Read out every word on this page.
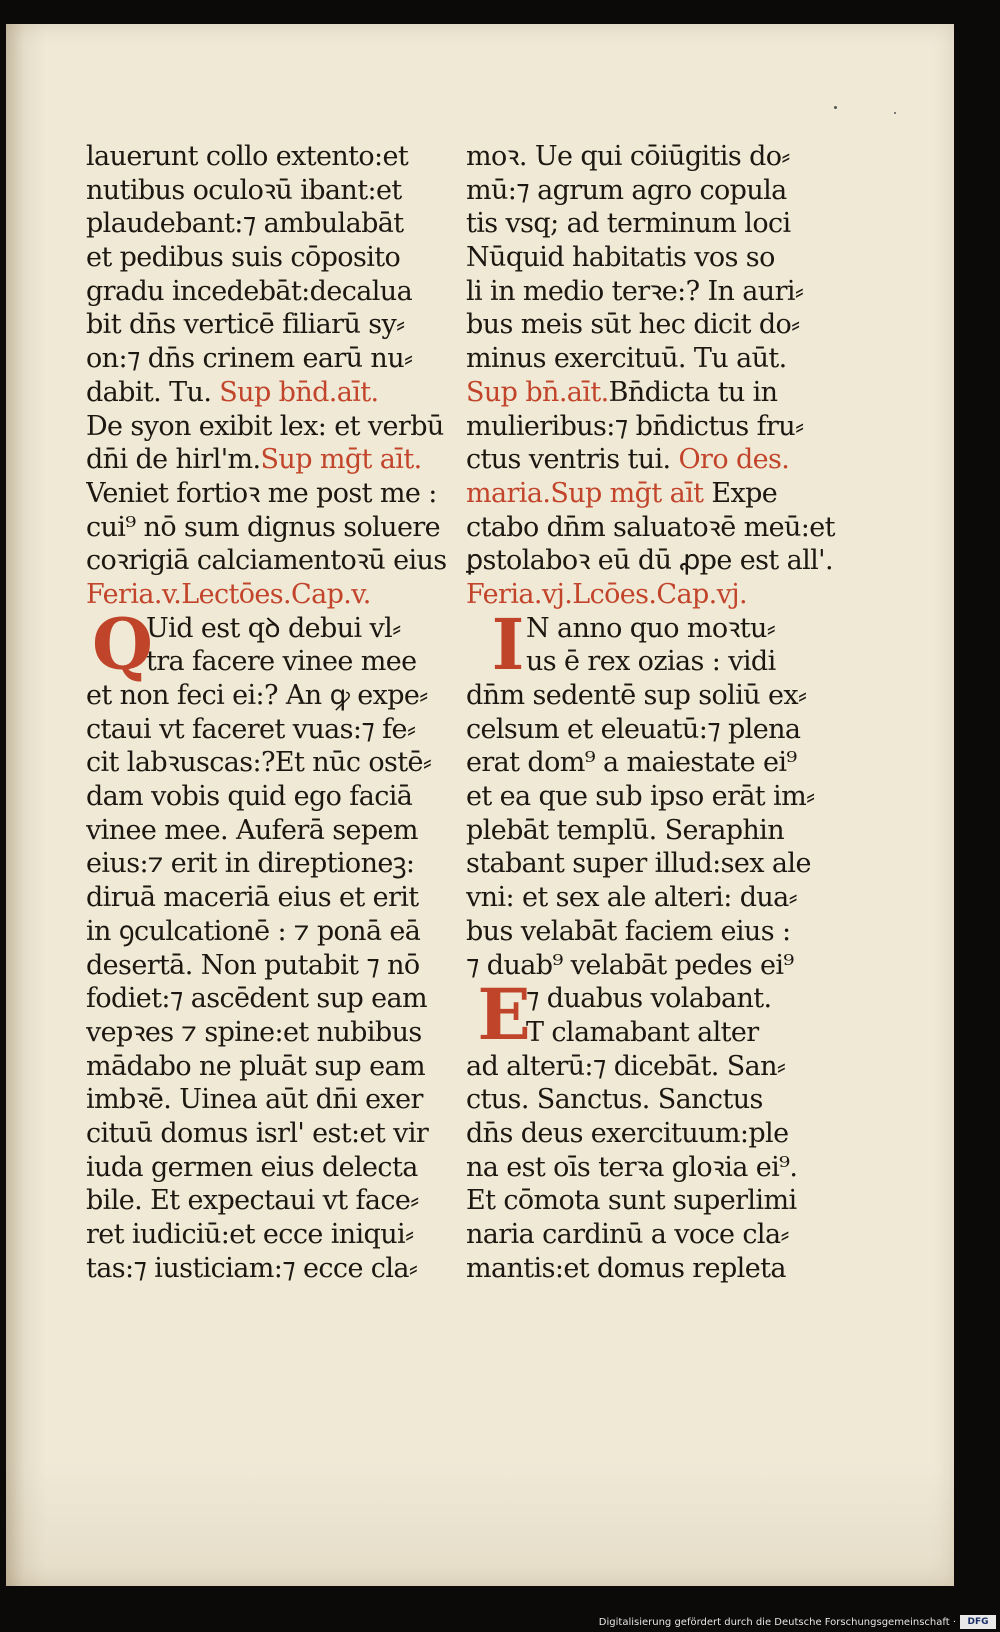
lauerunt collo extento:et
nutibus oculoꝛū ibant:et
plaudebant:⁊ ambulabāt
et pedibus suis cōposito
gradu incedebāt:decalua
bit dn̄s verticē filiarū sy⸗
on:⁊ dn̄s crinem earū nu⸗
dabit. Tu. Sup bn̄d.aīt.
De syon exibit lex: et verbū
dn̄i de hirl'm.Sup mḡt aīt.
Veniet fortioꝛ me post me :
cui⁹ nō sum dignus soluere
coꝛrigiā calciamentoꝛū eius
Feria.v.Lectōes.Cap.v.
Q
Uid est qꝺ debui vl⸗
tra facere vinee mee
et non feci ei:? An ꝙ expe⸗
ctaui vt faceret vuas:⁊ fe⸗
cit labꝛuscas:?Et nūc ostē⸗
dam vobis quid ego faciā
vinee mee. Auferā sepem
eius:⁊ erit in direptioneꝫ:
diruā maceriā eius et erit
in ꝯculcationē : ⁊ ponā eā
desertā. Non putabit ⁊ nō
fodiet:⁊ ascēdent sup eam
vepꝛes ⁊ spine:et nubibus
mādabo ne pluāt sup eam
imbꝛē. Uinea aūt dn̄i exer
cituū domus isrl' est:et vir
iuda germen eius delecta
bile. Et expectaui vt face⸗
ret iudiciū:et ecce iniqui⸗
tas:⁊ iusticiam:⁊ ecce cla⸗
moꝛ. Ue qui cōiūgitis do⸗
mū:⁊ agrum agro copula
tis vsq; ad terminum loci
Nūquid habitatis vos so
li in medio terꝛe:? In auri⸗
bus meis sūt hec dicit do⸗
minus exercituū. Tu aūt.
Sup bn̄.aīt.Bn̄dicta tu in
mulieribus:⁊ bn̄dictus fru⸗
ctus ventris tui. Oro des.
maria.Sup mḡt aīt Expe
ctabo dn̄m saluatoꝛē meū:et
ꝑstolaboꝛ eū dū ꝓpe est all'.
Feria.vj.Lcōes.Cap.vj.
I N anno quo moꝛtu⸗
us ē rex ozias : vidi
dn̄m sedentē sup soliū ex⸗
celsum et eleuatū:⁊ plena
erat dom⁹ a maiestate ei⁹
et ea que sub ipso erāt im⸗
plebāt templū. Seraphin
stabant super illud:sex ale
vni: et sex ale alteri: dua⸗
bus velabāt faciem eius :
⁊ duab⁹ velabāt pedes ei⁹
E
⁊ duabus volabant.
T clamabant alter
ad alterū:⁊ dicebāt. San⸗
ctus. Sanctus. Sanctus
dn̄s deus exercituum:ple
na est oīs terꝛa gloꝛia ei⁹.
Et cōmota sunt superlimi
naria cardinū a voce cla⸗
mantis:et domus repleta
Digitalisierung gefördert durch die Deutsche Forschungsgemeinschaft ·	DFG
